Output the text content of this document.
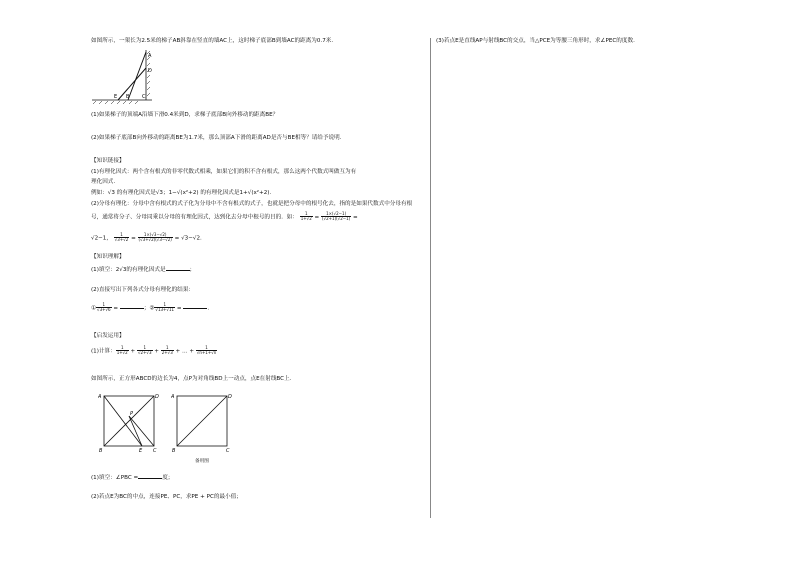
如图所示，一架长为2.5米的梯子AB斜靠在竖直的墙AC上，这时梯子底部B到墙AC的距离为0.7米.
A
D
E B	C
(1)如果梯子的顶端A沿墙下滑0.4米到D，求梯子底部B向外移动的距离BE？
(2)如果梯子底部B向外移动的距离BE为1.7米，那么顶部A下滑的距离AD是否与BE相等？请给予说明.
【知识链接】
(1)有理化因式：两个含有根式的非零代数式相乘，如果它们的积不含有根式，那么这两个代数式叫做互为有
理化因式.
例如：√3 的有理化因式是√3；1−√(x²+2) 的有理化因式是1+√(x²+2).
(2)分母有理化：分母中含有根式的式子化为分母中不含有根式的式子，也就是把分母中的根号化去，指的是如果代数式中分母有根
号，通常将分子、分母同乘以分母的有理化因式，达到化去分母中根号的目的．如： $\frac{1}{1+√2} = \frac{1\times(√2-1)}{(√2+1)(√2-1)}$ =
√2−1， $\frac{1}{√3+√2} = \frac{1\times(√3-√2)}{(√3+√2)(√3-√2)} = √3-√2$.
【知识理解】
(1)填空：2√3的有理化因式是	；
(2)直接写出下列各式分母有理化的结果：
① $\frac{1}{√3+√6}$ =	；② $\frac{1}{√13+√11}$ =	.
【启发运用】
(1)计算： $\frac{1}{1+√2} + \frac{1}{√2+√3} + \frac{1}{2+√3}$ + … + $\frac{1}{√n+1+√n}$
如图所示，正方形ABCD的边长为4，点P为对角线BD上一动点，点E在射线BC上.
A	D
P
B	E C
A	D
B	C
备用图
(1)填空：∠PBC =	度；
(2)若点E为BC的中点，连接PE、PC，求PE + PC的最小值；
(3)若点E是直线AP与射线BC的交点，当△PCE为等腰三角形时，求∠PEC的度数.
